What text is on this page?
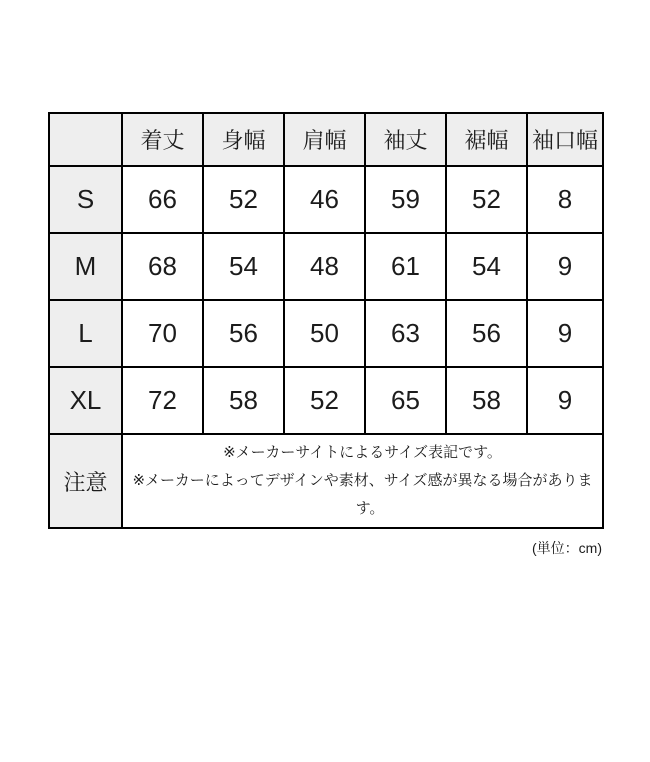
	着丈	身幅	肩幅	袖丈	裾幅	袖口幅
S	66	52	46	59	52	8
M	68	54	48	61	54	9
L	70	56	50	63	56	9
XL	72	58	52	65	58	9
注意	※メーカーサイトによるサイズ表記です。
※メーカーによってデザインや素材、サイズ感が異なる場合があります。					
(単位：cm)
